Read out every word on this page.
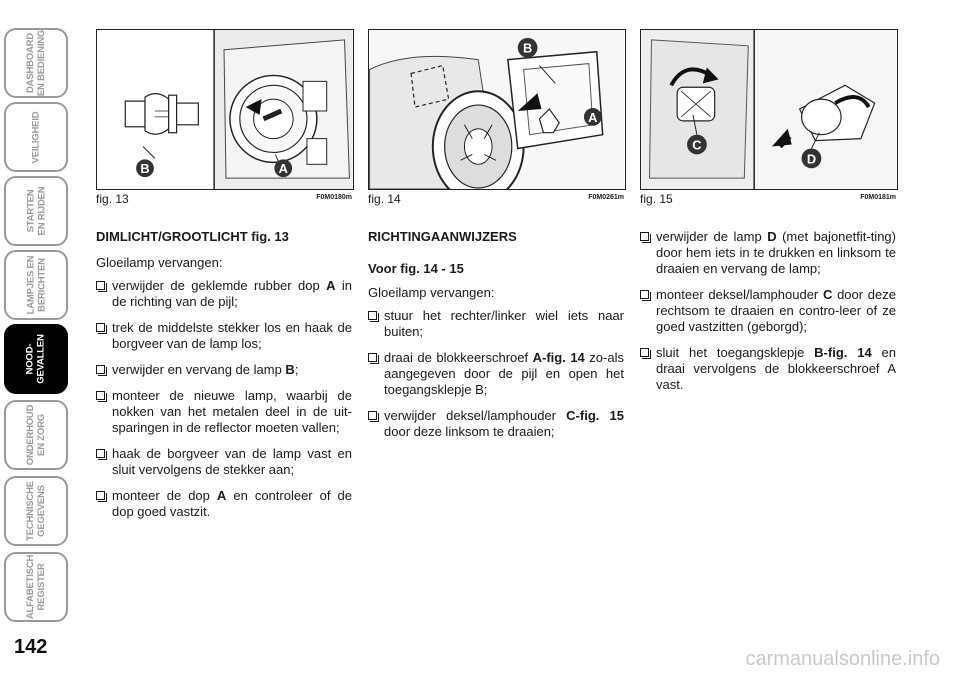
DASHBOARD
EN BEDIENING
VEILIGHEID
STARTEN
EN RIJDEN
LAMPJES EN
BERICHTEN
NOOD-
GEVALLEN
ONDERHOUD
EN ZORG
TECHNISCHE
GEGEVENS
ALFABETISCH
REGISTER
142
B	A
fig. 13	F0M0180m
B
A
fig. 14	F0M0261m
C
D
fig. 15	F0M0181m
DIMLICHT/GROOTLICHT fig. 13

Gloeilamp vervangen:

verwijder de geklemde rubber dop A in de richting van de pijl;
trek de middelste stekker los en haak de borgveer van de lamp los;
verwijder en vervang de lamp B;
monteer de nieuwe lamp, waarbij de nokken van het metalen deel in de uit-sparingen in de reflector moeten vallen;
haak de borgveer van de lamp vast en sluit vervolgens de stekker aan;
monteer de dop A en controleer of de dop goed vastzit.
RICHTINGAANWIJZERS
Voor fig. 14 - 15

Gloeilamp vervangen:

stuur het rechter/linker wiel iets naar buiten;
draai de blokkeerschroef A-fig. 14 zo-als aangegeven door de pijl en open het toegangsklepje B;
verwijder deksel/lamphouder C-fig. 15 door deze linksom te draaien;
verwijder de lamp D (met bajonetfit-ting) door hem iets in te drukken en linksom te draaien en vervang de lamp;
monteer deksel/lamphouder C door deze rechtsom te draaien en contro-leer of ze goed vastzitten (geborgd);
sluit het toegangsklepje B-fig. 14 en draai vervolgens de blokkeerschroef A vast.
carmanualsonline.info
